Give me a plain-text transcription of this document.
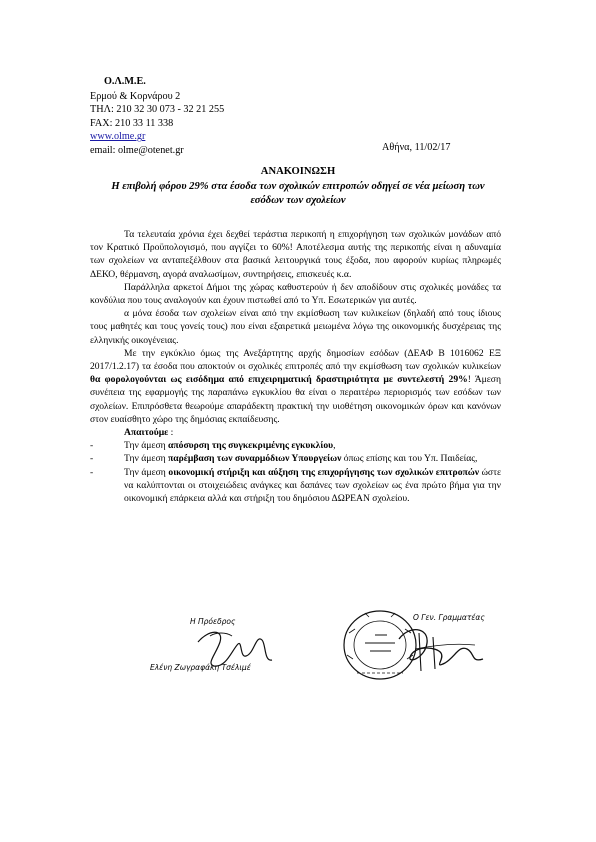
Ο.Λ.Μ.Ε.
Ερμού & Κορνάρου 2
ΤΗΛ: 210 32 30 073 - 32 21 255
FAX: 210 33 11 338
www.olme.gr
email: olme@otenet.gr	Αθήνα, 11/02/17
ΑΝΑΚΟΙΝΩΣΗ
Η επιβολή φόρου 29% στα έσοδα των σχολικών επιτροπών οδηγεί σε νέα μείωση των εσόδων των σχολείων

Τα τελευταία χρόνια έχει δεχθεί τεράστια περικοπή η επιχορήγηση των σχολικών μονάδων από τον Κρατικό Προϋπολογισμό, που αγγίζει το 60%! Αποτέλεσμα αυτής της περικοπής είναι η αδυναμία των σχολείων να ανταπεξέλθουν στα βασικά λειτουργικά τους έξοδα, που αφορούν κυρίως πληρωμές ΔΕΚΟ, θέρμανση, αγορά αναλωσίμων, συντηρήσεις, επισκευές κ.α.

Παράλληλα αρκετοί Δήμοι της χώρας καθυστερούν ή δεν αποδίδουν στις σχολικές μονάδες τα κονδύλια που τους αναλογούν και έχουν πιστωθεί από το Υπ. Εσωτερικών για αυτές.

α μόνα έσοδα των σχολείων είναι από την εκμίσθωση των κυλικείων (δηλαδή από τους ίδιους τους μαθητές και τους γονείς τους) που είναι εξαιρετικά μειωμένα λόγω της οικονομικής δυσχέρειας της ελληνικής οικογένειας.

Με την εγκύκλιο όμως της Ανεξάρτητης αρχής δημοσίων εσόδων (ΔΕΑΦ Β 1016062 ΕΞ 2017/1.2.17) τα έσοδα που αποκτούν οι σχολικές επιτροπές από την εκμίσθωση των σχολικών κυλικείων θα φορολογούνται ως εισόδημα από επιχειρηματική δραστηριότητα με συντελεστή 29%! Άμεση συνέπεια της εφαρμογής της παραπάνω εγκυκλίου θα είναι ο περαιτέρω περιορισμός των εσόδων των σχολείων. Επιπρόσθετα θεωρούμε απαράδεκτη πρακτική την υιοθέτηση οικονομικών όρων και κανόνων στον ευαίσθητο χώρο της δημόσιας εκπαίδευσης.

Απαιτούμε :
-	Την άμεση απόσυρση της συγκεκριμένης εγκυκλίου,
-	Την άμεση παρέμβαση των συναρμόδιων Υπουργείων όπως επίσης και του Υπ. Παιδείας,
-	Την άμεση οικονομική στήριξη και αύξηση της επιχορήγησης των σχολικών επιτροπών ώστε να καλύπτονται οι στοιχειώδεις ανάγκες και δαπάνες των σχολείων ως ένα πρώτο βήμα για την οικονομική επάρκεια αλλά και στήριξη του δημόσιου ΔΩΡΕΑΝ σχολείου.
Η Πρόεδρος
Ελένη Ζωγραφάκη Τσέλιμέ
Ο Γεν. Γραμματέας
